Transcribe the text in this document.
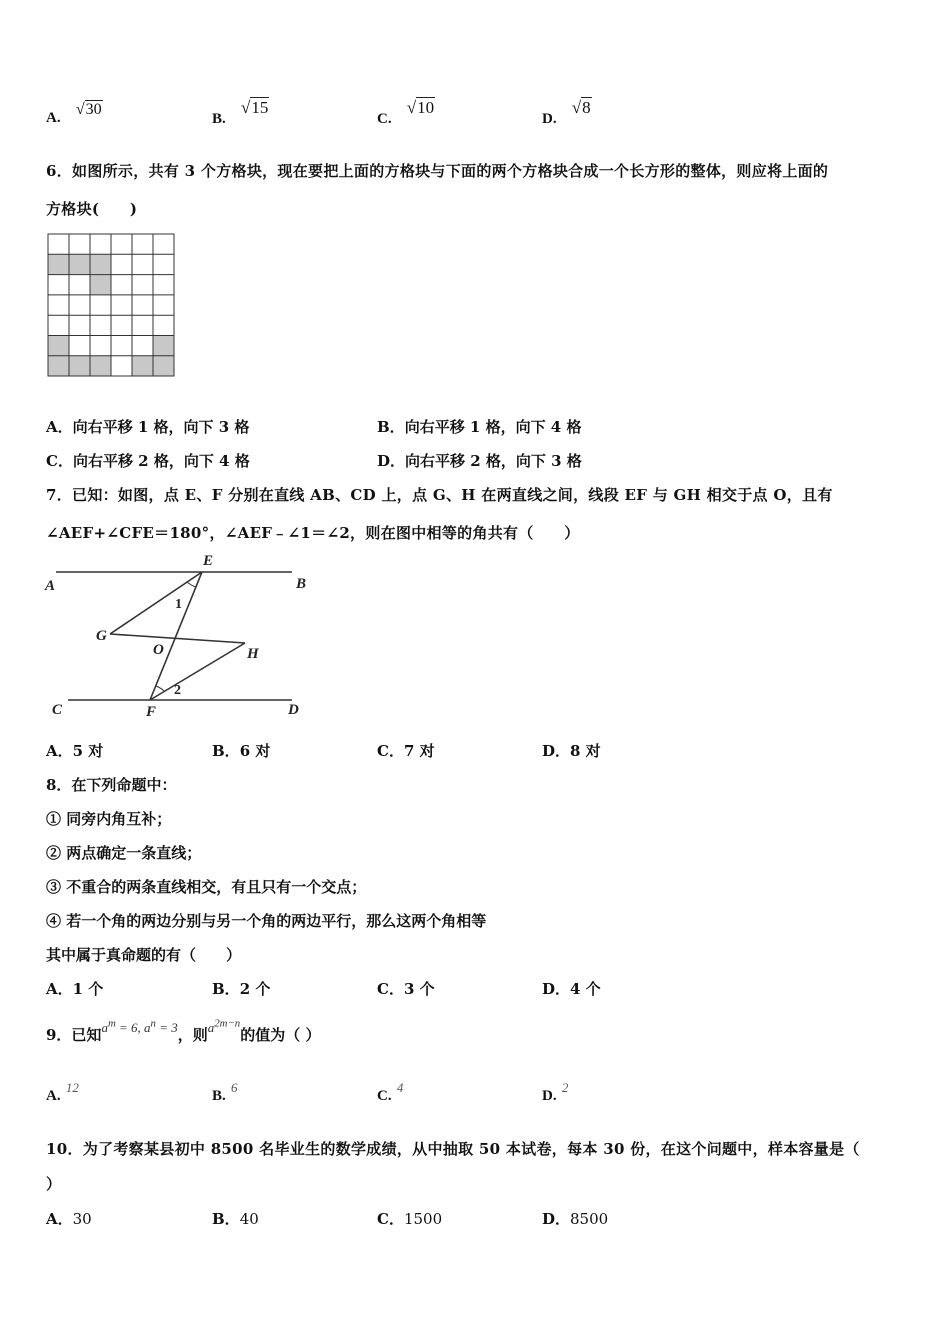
A. √30
B. √15
C. √10
D. √8
6．如图所示，共有 3 个方格块，现在要把上面的方格块与下面的两个方格块合成一个长方形的整体，则应将上面的
方格块(　　)
A．向右平移 1 格，向下 3 格	B．向右平移 1 格，向下 4 格
C．向右平移 2 格，向下 4 格	D．向右平移 2 格，向下 3 格
7．已知：如图，点 E、F 分别在直线 AB、CD 上，点 G、H 在两直线之间，线段 EF 与 GH 相交于点 O，且有
∠AEF+∠CFE＝180°，∠AEF﹣∠1＝∠2，则在图中相等的角共有（　　）
A	B
C	D
E
F
G
H
O
1
2
A．5 对	B．6 对	C．7 对	D．8 对
8．在下列命题中：
① 同旁内角互补；
② 两点确定一条直线；
③ 不重合的两条直线相交，有且只有一个交点；
④ 若一个角的两边分别与另一个角的两边平行，那么这两个角相等
其中属于真命题的有（　　）
A．1 个	B．2 个	C．3 个	D．4 个
9．已知$a^m = 6$, $a^n = 3$，则$a^{2m-n}$的值为（ ）
A. 12
B. 6
C. 4
D. 2
10．为了考察某县初中 8500 名毕业生的数学成绩，从中抽取 50 本试卷，每本 30 份，在这个问题中，样本容量是（
）
A．30	B．40	C．1500	D．8500
